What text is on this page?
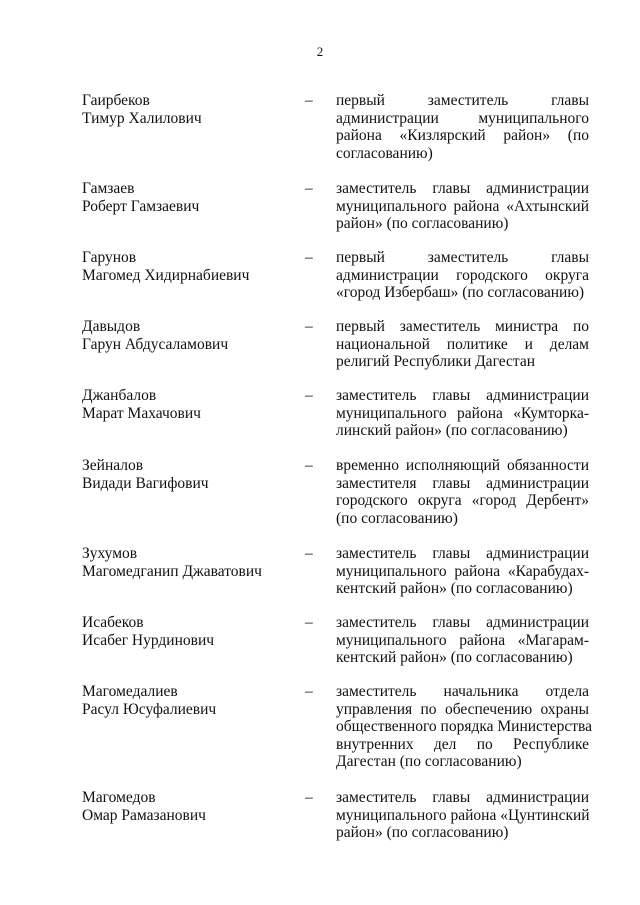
2
Гаирбеков
Тимур Халилович
– первый заместитель главы
администрации муниципального
района «Кизлярский район» (по
согласованию)
Гамзаев
Роберт Гамзаевич
– заместитель главы администрации
муниципального района «Ахтынский
район» (по согласованию)
Гарунов
Магомед Хидирнабиевич
– первый заместитель главы
администрации городского округа
«город Избербаш» (по согласованию)
Давыдов
Гарун Абдусаламович
– первый заместитель министра по
национальной политике и делам
религий Республики Дагестан
Джанбалов
Марат Махачович
– заместитель главы администрации
муниципального района «Кумторка-
линский район» (по согласованию)
Зейналов
Видади Вагифович
– временно исполняющий обязанности
заместителя главы администрации
городского округа «город Дербент»
(по согласованию)
Зухумов
Магомедганип Джаватович
– заместитель главы администрации
муниципального района «Карабудах-
кентский район» (по согласованию)
Исабеков
Исабег Нурдинович
– заместитель главы администрации
муниципального района «Магарам-
кентский район» (по согласованию)
Магомедалиев
Расул Юсуфалиевич
– заместитель начальника отдела
управления по обеспечению охраны
общественного порядка Министерства
внутренних дел по Республике
Дагестан (по согласованию)
Магомедов
Омар Рамазанович
– заместитель главы администрации
муниципального района «Цунтинский
район» (по согласованию)
